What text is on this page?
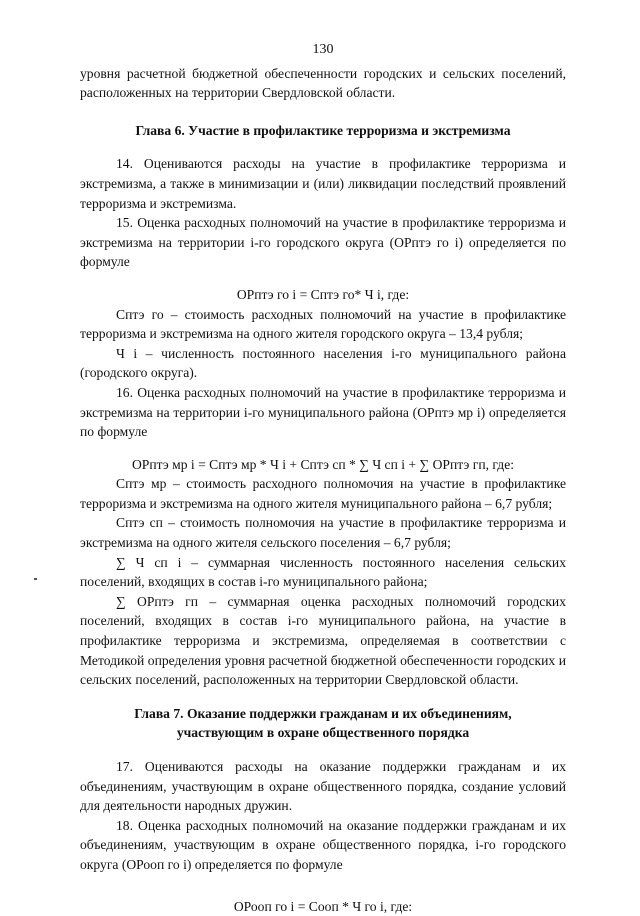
130

уровня расчетной бюджетной обеспеченности городских и сельских поселений, расположенных на территории Свердловской области.

Глава 6. Участие в профилактике терроризма и экстремизма

14. Оцениваются расходы на участие в профилактике терроризма и экстремизма, а также в минимизации и (или) ликвидации последствий проявлений терроризма и экстремизма.

15. Оценка расходных полномочий на участие в профилактике терроризма и экстремизма на территории i-го городского округа (ОРптэ го i) определяется по формуле

ОРптэ го i = Cптэ го* Ч i, где:

Сптэ го – стоимость расходных полномочий на участие в профилактике терроризма и экстремизма на одного жителя городского округа – 13,4 рубля;

Ч i – численность постоянного населения i-го муниципального района (городского округа).

16. Оценка расходных полномочий на участие в профилактике терроризма и экстремизма на территории i-го муниципального района (ОРптэ мр i) определяется по формуле

ОРптэ мр i = Cптэ мр * Ч i + Cптэ сп * ∑ Ч сп i + ∑ ОРптэ гп, где:

Сптэ мр – стоимость расходного полномочия на участие в профилактике терроризма и экстремизма на одного жителя муниципального района – 6,7 рубля;

Сптэ сп – стоимость полномочия на участие в профилактике терроризма и экстремизма на одного жителя сельского поселения – 6,7 рубля;

∑ Ч сп i – суммарная численность постоянного населения сельских поселений, входящих в состав i-го муниципального района;

∑ ОРптэ гп – суммарная оценка расходных полномочий городских поселений, входящих в состав i-го муниципального района, на участие в профилактике терроризма и экстремизма, определяемая в соответствии с Методикой определения уровня расчетной бюджетной обеспеченности городских и сельских поселений, расположенных на территории Свердловской области.

Глава 7. Оказание поддержки гражданам и их объединениям,

участвующим в охране общественного порядка

17. Оцениваются расходы на оказание поддержки гражданам и их объединениям, участвующим в охране общественного порядка, создание условий для деятельности народных дружин.

18. Оценка расходных полномочий на оказание поддержки гражданам и их объединениям, участвующим в охране общественного порядка, i-го городского округа (ОРооп го i) определяется по формуле

ОРооп го i = Cооп * Ч го i, где:
